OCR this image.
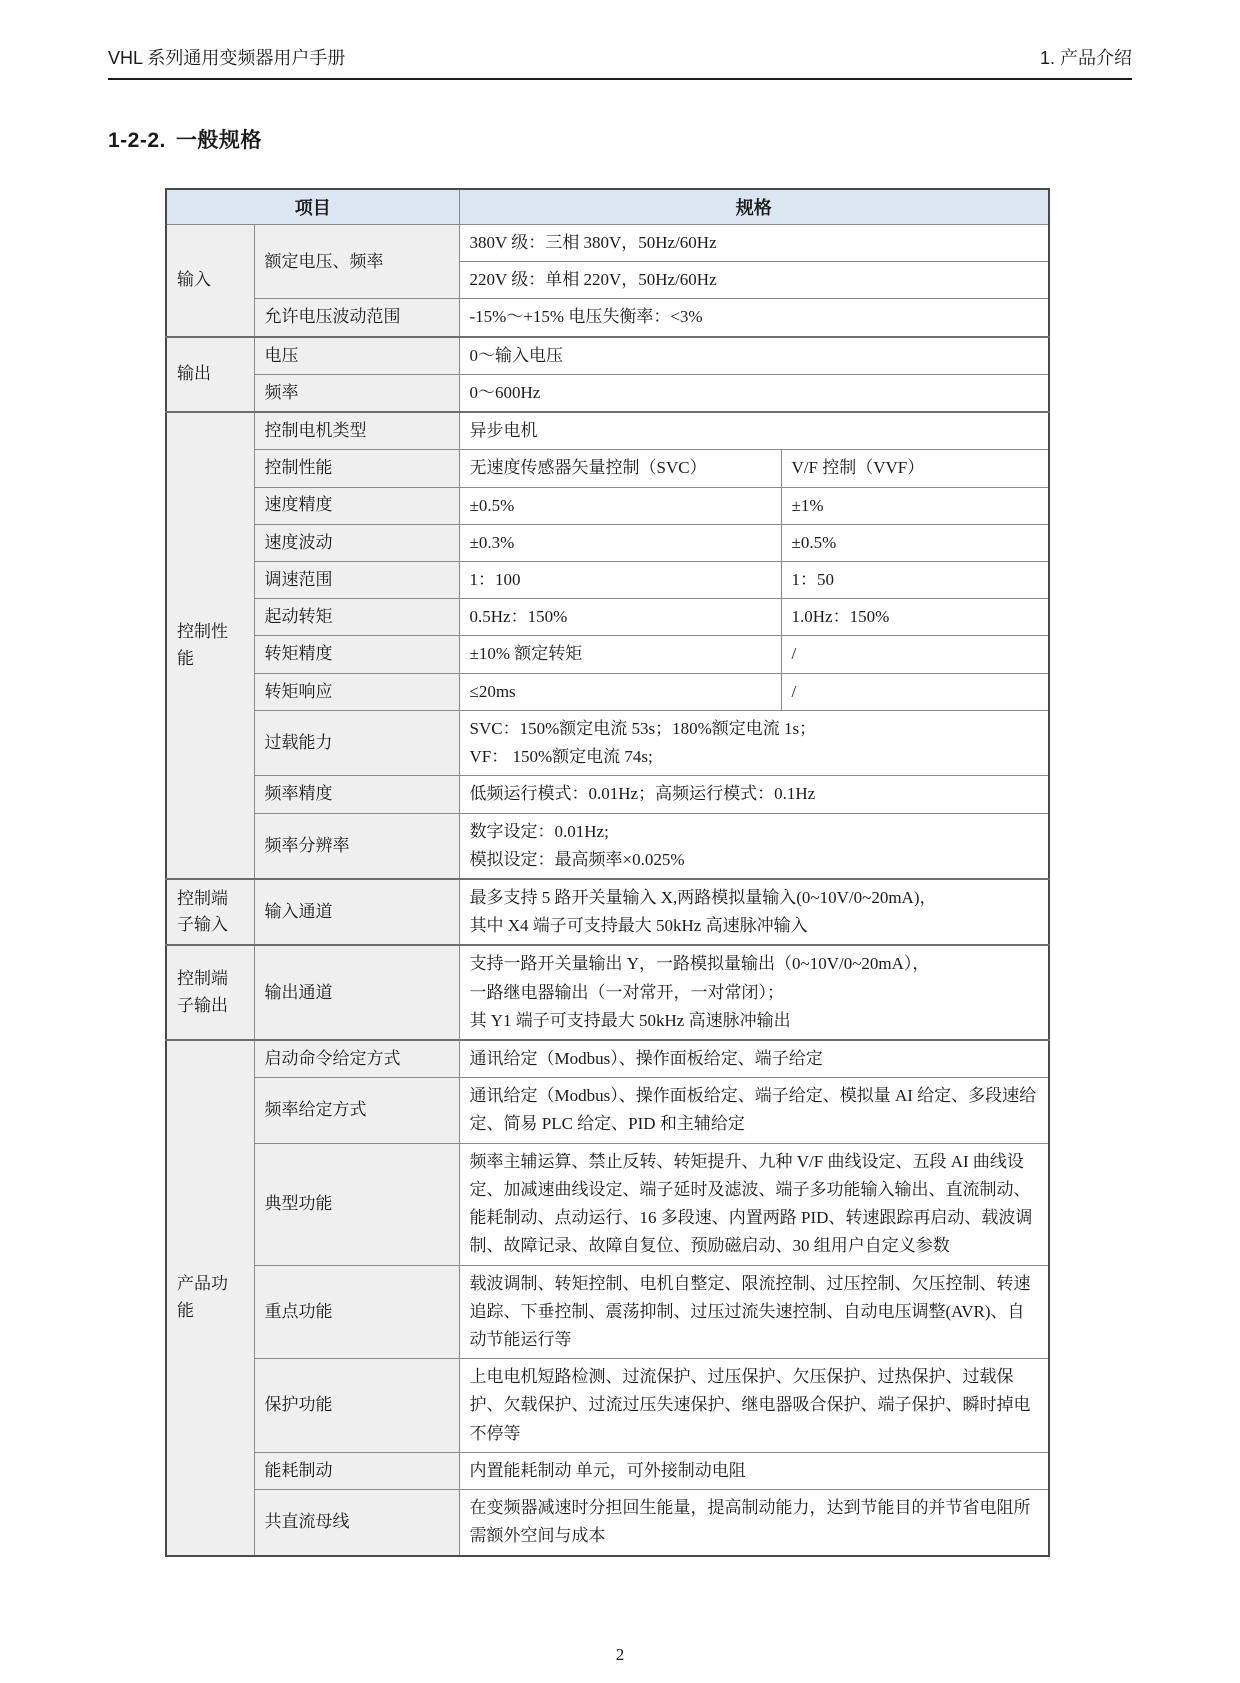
VHL 系列通用变频器用户手册	1. 产品介绍
1-2-2. 一般规格
项目		规格	
输入	额定电压、频率	380V 级：三相 380V，50Hz/60Hz	
		220V 级：单相 220V，50Hz/60Hz	
	允许电压波动范围	-15%～+15% 电压失衡率：<3%	
输出	电压	0～输入电压	
	频率	0～600Hz	
控制性能	控制电机类型	异步电机	
	控制性能	无速度传感器矢量控制（SVC）	V/F 控制（VVF）
	速度精度	±0.5%	±1%
	速度波动	±0.3%	±0.5%
	调速范围	1：100	1：50
	起动转矩	0.5Hz：150%	1.0Hz：150%
	转矩精度	±10% 额定转矩	/
	转矩响应	≤20ms	/
	过载能力	SVC：150%额定电流 53s；180%额定电流 1s；
VF： 150%额定电流 74s;	

	频率精度	低频运行模式：0.01Hz；高频运行模式：0.1Hz	
	频率分辨率	数字设定：0.01Hz;
模拟设定：最高频率×0.025%	

控制端子输入	输入通道	最多支持 5 路开关量输入 X,两路模拟量输入(0~10V/0~20mA)，
其中 X4 端子可支持最大 50kHz 高速脉冲输入	

控制端子输出	输出通道	支持一路开关量输出 Y，一路模拟量输出（0~10V/0~20mA），
一路继电器输出（一对常开，一对常闭）；
其 Y1 端子可支持最大 50kHz 高速脉冲输出	

产品功能	启动命令给定方式	通讯给定（Modbus）、操作面板给定、端子给定	
	频率给定方式	通讯给定（Modbus）、操作面板给定、端子给定、模拟量 AI 给定、多段速给定、简易 PLC 给定、PID 和主辅给定	
	典型功能	频率主辅运算、禁止反转、转矩提升、九种 V/F 曲线设定、五段 AI 曲线设定、加减速曲线设定、端子延时及滤波、端子多功能输入输出、直流制动、能耗制动、点动运行、16 多段速、内置两路 PID、转速跟踪再启动、载波调制、故障记录、故障自复位、预励磁启动、30 组用户自定义参数	
	重点功能	载波调制、转矩控制、电机自整定、限流控制、过压控制、欠压控制、转速追踪、下垂控制、震荡抑制、过压过流失速控制、自动电压调整(AVR)、自动节能运行等	
	保护功能	上电电机短路检测、过流保护、过压保护、欠压保护、过热保护、过载保护、欠载保护、过流过压失速保护、继电器吸合保护、端子保护、瞬时掉电不停等	
	能耗制动	内置能耗制动 单元，可外接制动电阻	
	共直流母线	在变频器减速时分担回生能量，提高制动能力，达到节能目的并节省电阻所需额外空间与成本	
2
